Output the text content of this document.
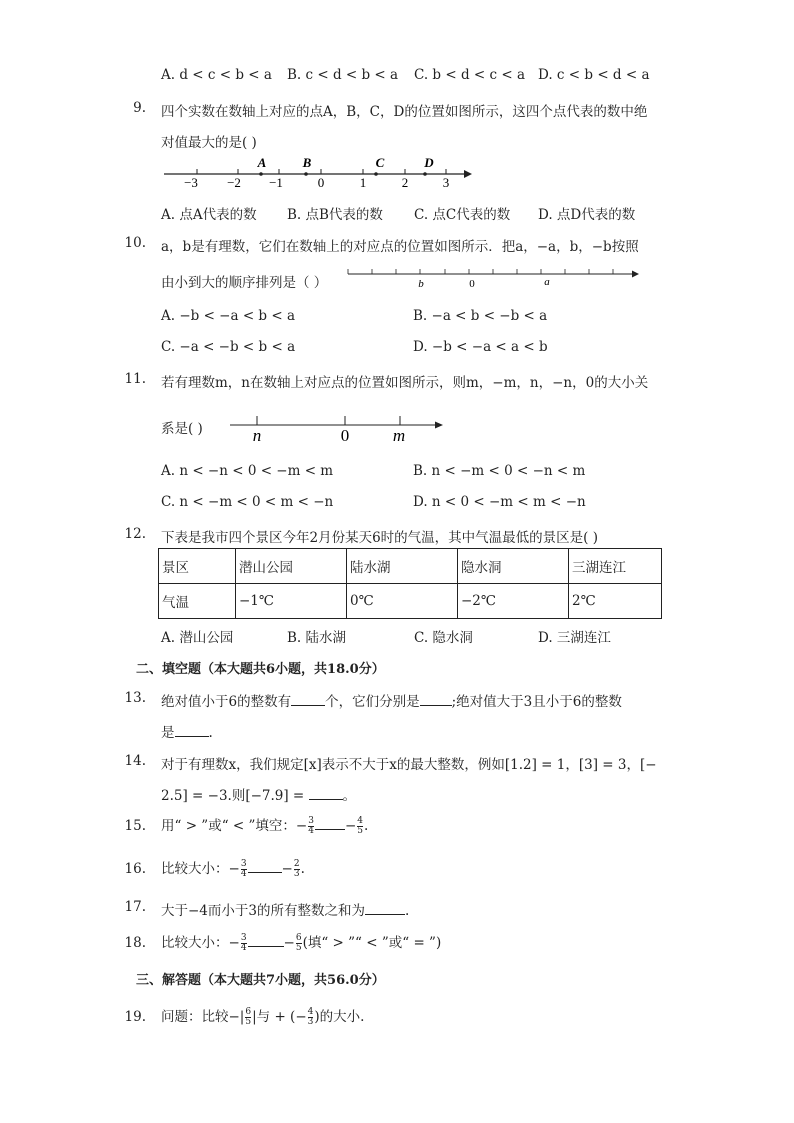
A. d < c < b < a B. c < d < b < a C. b < d < c < a D. c < b < d < a
9. 四个实数在数轴上对应的点A，B，C，D的位置如图所示，这四个点代表的数中绝
对值最大的是( )
−3 −2 −1	0	1	2	3
A	B	C	D
A. 点A代表的数 B. 点B代表的数 C. 点C代表的数 D. 点D代表的数
10. a，b是有理数，它们在数轴上的对应点的位置如图所示．把a，−a，b，−b按照
由小到大的顺序排列是（ ）	b	0	a
A. −b < −a < b < a	B. −a < b < −b < a
C. −a < −b < b < a	D. −b < −a < a < b
11. 若有理数m，n在数轴上对应点的位置如图所示，则m，−m，n，−n，0的大小关
系是( )	n	0	m
A. n < −n < 0 < −m < m	B. n < −m < 0 < −n < m
C. n < −m < 0 < m < −n	D. n < 0 < −m < m < −n
12. 下表是我市四个景区今年2月份某天6时的气温，其中气温最低的景区是( )
景区	潜山公园	陆水湖	隐水洞	三湖连江
气温	−1℃	0℃	−2℃	2℃
A. 潜山公园	B. 陆水湖	C. 隐水洞	D. 三湖连江
二、填空题（本大题共6小题，共18.0分）
13. 绝对值小于6的整数有	个，它们分别是 ;绝对值大于3且小于6的整数
是	.
14. 对于有理数x，我们规定[x]表示不大于x的最大整数，例如[1.2] = 1，[3] = 3，[−
2.5] = −3.则[−7.9] =	。
15. 用“ > ”或“ < ”填空：− $\frac{3}{4} - \frac{4}{5}$ .
16. 比较大小：− $\frac{3}{4}$	− $\frac{2}{3}$ .
17. 大于−4而小于3的所有整数之和为	.
18. 比较大小：− $\frac{3}{4}$	− $\frac{6}{5}$ (填“ > ”“ < ”或“ = ”)
三、解答题（本大题共7小题，共56.0分）
19. 问题：比较−| $\frac{6}{5}$ |与 + (− $\frac{4}{3}$ )的大小.
